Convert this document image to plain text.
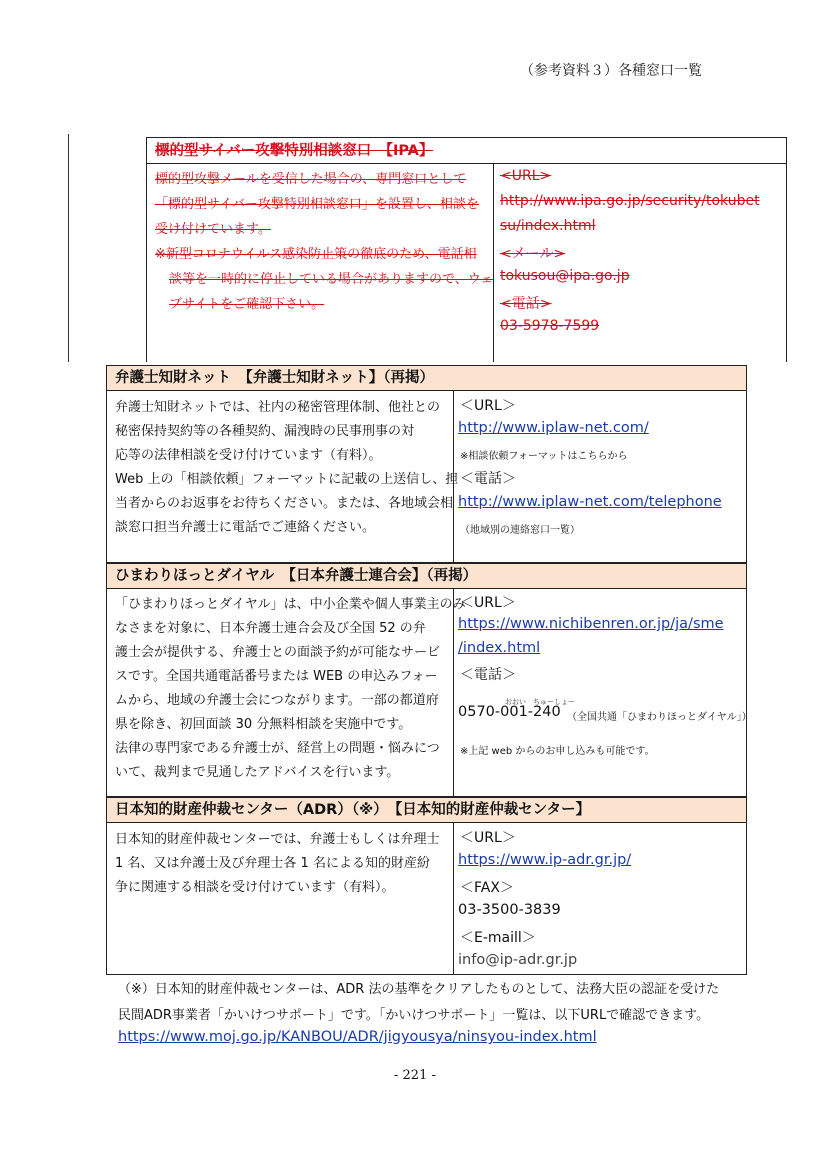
（参考資料３）各種窓口一覧
標的型サイバー攻撃特別相談窓口　【IPA】
標的型攻撃メールを受信した場合の、専門窓口として
「標的型サイバー攻撃特別相談窓口」を設置し、相談を
受け付けています。
※新型コロナウイルス感染防止策の徹底のため、電話相
談等を一時的に停止している場合がありますので、ウェ
ブサイトをご確認下さい。
<URL>
http://www.ipa.go.jp/security/tokubet
su/index.html
<メール>
tokusou@ipa.go.jp
<電話>
03-5978-7599
弁護士知財ネット　【弁護士知財ネット】（再掲）
弁護士知財ネットでは、社内の秘密管理体制、他社との
秘密保持契約等の各種契約、漏洩時の民事刑事の対
応等の法律相談を受け付けています（有料）。
Web 上の「相談依頼」フォーマットに記載の上送信し、担
当者からのお返事をお待ちください。または、各地域会相
談窓口担当弁護士に電話でご連絡ください。
＜URL＞
http://www.iplaw-net.com/
※相談依頼フォーマットはこちらから
＜電話＞
http://www.iplaw-net.com/telephone
（地域別の連絡窓口一覧）
ひまわりほっとダイヤル　【日本弁護士連合会】（再掲）
「ひまわりほっとダイヤル」は、中小企業や個人事業主のみ
なさまを対象に、日本弁護士連合会及び全国 52 の弁
護士会が提供する、弁護士との面談予約が可能なサービ
スです。全国共通電話番号または WEB の申込みフォー
ムから、地域の弁護士会につながります。一部の都道府
県を除き、初回面談 30 分無料相談を実施中です。
法律の専門家である弁護士が、経営上の問題・悩みにつ
いて、裁判まで見通したアドバイスを行います。
＜URL＞
https://www.nichibenren.or.jp/ja/sme
/index.html
＜電話＞
おおい　ちゅーしょー
0570-001-240 （全国共通「ひまわりほっとダイヤル」）
※上記 web からのお申し込みも可能です。
日本知的財産仲裁センター（ADR）（※）　【日本知的財産仲裁センター】
日本知的財産仲裁センターでは、弁護士もしくは弁理士
1 名、又は弁護士及び弁理士各 1 名による知的財産紛
争に関連する相談を受け付けています（有料）。
＜URL＞
https://www.ip-adr.gr.jp/
＜FAX＞
03-3500-3839
＜E-maill＞
info@ip-adr.gr.jp
（※）日本知的財産仲裁センターは、ADR 法の基準をクリアしたものとして、法務大臣の認証を受けた
民間ADR事業者「かいけつサポート」です。「かいけつサポート」一覧は、以下URLで確認できます。
https://www.moj.go.jp/KANBOU/ADR/jigyousya/ninsyou-index.html
- 221 -
